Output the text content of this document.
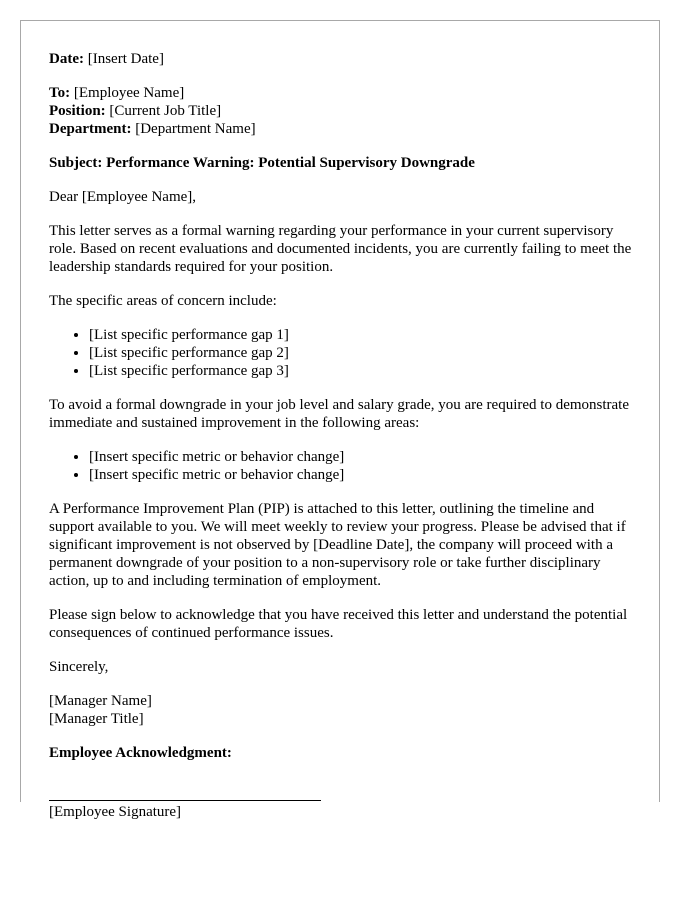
Date: [Insert Date]

To: [Employee Name]

Position: [Current Job Title]

Department: [Department Name]

Subject: Performance Warning: Potential Supervisory Downgrade

Dear [Employee Name],

This letter serves as a formal warning regarding your performance in your current supervisory role. Based on recent evaluations and documented incidents, you are currently failing to meet the leadership standards required for your position.

The specific areas of concern include:

• [List specific performance gap 1]
• [List specific performance gap 2]
• [List specific performance gap 3]

To avoid a formal downgrade in your job level and salary grade, you are required to demonstrate immediate and sustained improvement in the following areas:

• [Insert specific metric or behavior change]
• [Insert specific metric or behavior change]

A Performance Improvement Plan (PIP) is attached to this letter, outlining the timeline and support available to you. We will meet weekly to review your progress. Please be advised that if significant improvement is not observed by [Deadline Date], the company will proceed with a permanent downgrade of your position to a non-supervisory role or take further disciplinary action, up to and including termination of employment.

Please sign below to acknowledge that you have received this letter and understand the potential consequences of continued performance issues.

Sincerely,

[Manager Name]

[Manager Title]

Employee Acknowledgment:

[Employee Signature]
